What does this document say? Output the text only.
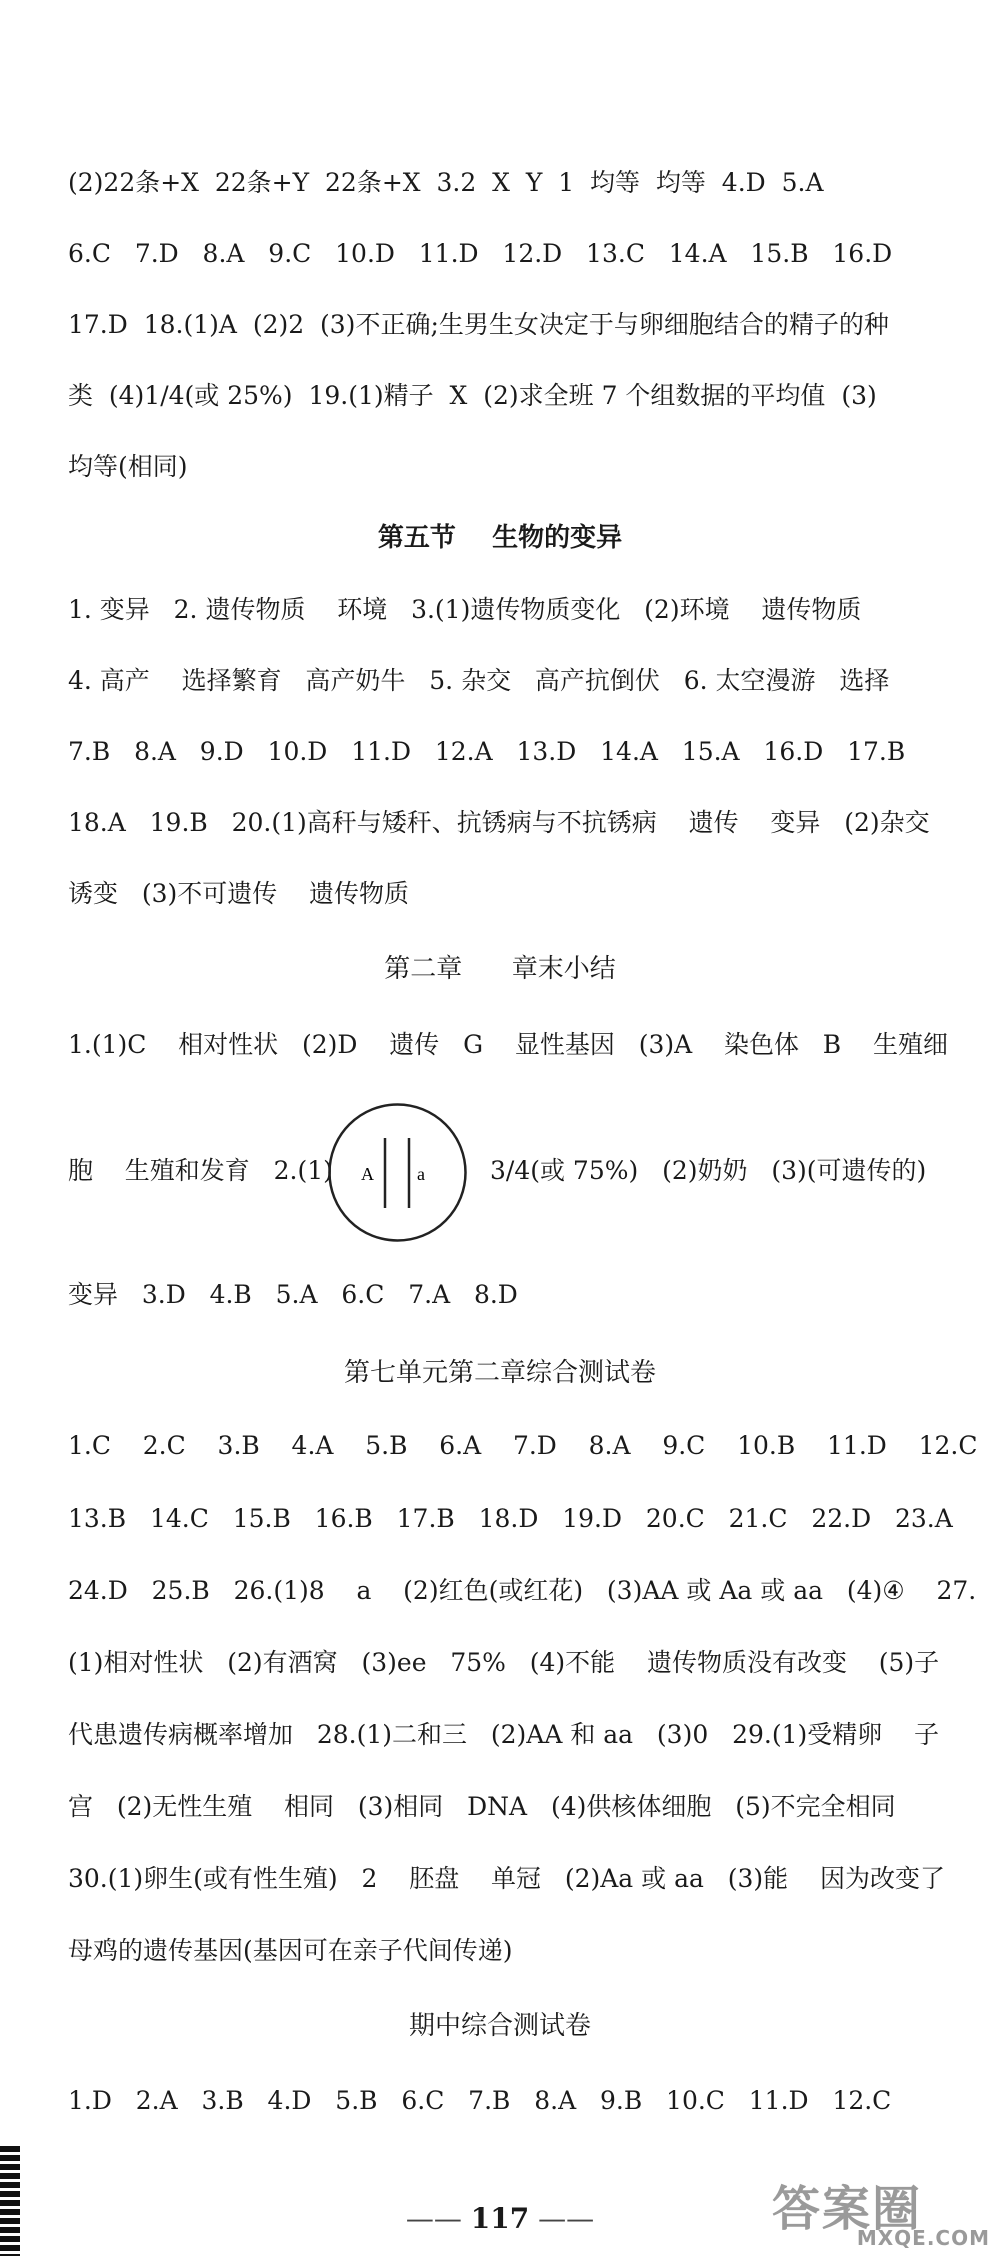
(2)22条+X  22条+Y  22条+X  3.2  X  Y  1  均等  均等  4.D  5.A
6.C   7.D   8.A   9.C   10.D   11.D   12.D   13.C   14.A   15.B   16.D
17.D  18.(1)A  (2)2  (3)不正确;生男生女决定于与卵细胞结合的精子的种
类  (4)1/4(或 25%)  19.(1)精子  X  (2)求全班 7 个组数据的平均值  (3)
均等(相同)
第五节    生物的变异
1. 变异   2. 遗传物质    环境   3.(1)遗传物质变化   (2)环境    遗传物质
4. 高产    选择繁育   高产奶牛   5. 杂交   高产抗倒伏   6. 太空漫游   选择
7.B   8.A   9.D   10.D   11.D   12.A   13.D   14.A   15.A   16.D   17.B
18.A   19.B   20.(1)高秆与矮秆、抗锈病与不抗锈病    遗传    变异   (2)杂交
诱变   (3)不可遗传    遗传物质
第二章      章末小结
1.(1)C    相对性状   (2)D    遗传   G    显性基因   (3)A    染色体   B    生殖细
胞    生殖和发育   2.(1) A a	3/4(或 75%)   (2)奶奶   (3)(可遗传的)
变异   3.D   4.B   5.A   6.C   7.A   8.D
第七单元第二章综合测试卷
1.C    2.C    3.B    4.A    5.B    6.A    7.D    8.A    9.C    10.B    11.D    12.C
13.B   14.C   15.B   16.B   17.B   18.D   19.D   20.C   21.C   22.D   23.A
24.D   25.B   26.(1)8    a    (2)红色(或红花)   (3)AA 或 Aa 或 aa   (4)④    27.
(1)相对性状   (2)有酒窝   (3)ee   75%   (4)不能    遗传物质没有改变    (5)子
代患遗传病概率增加   28.(1)二和三   (2)AA 和 aa   (3)0   29.(1)受精卵    子
宫   (2)无性生殖    相同   (3)相同   DNA   (4)供核体细胞   (5)不完全相同
30.(1)卵生(或有性生殖)   2    胚盘    单冠   (2)Aa 或 aa   (3)能    因为改变了
母鸡的遗传基因(基因可在亲子代间传递)
期中综合测试卷
1.D   2.A   3.B   4.D   5.B   6.C   7.B   8.A   9.B   10.C   11.D   12.C
—— 117 ——	答案圈
MXQE.COM
